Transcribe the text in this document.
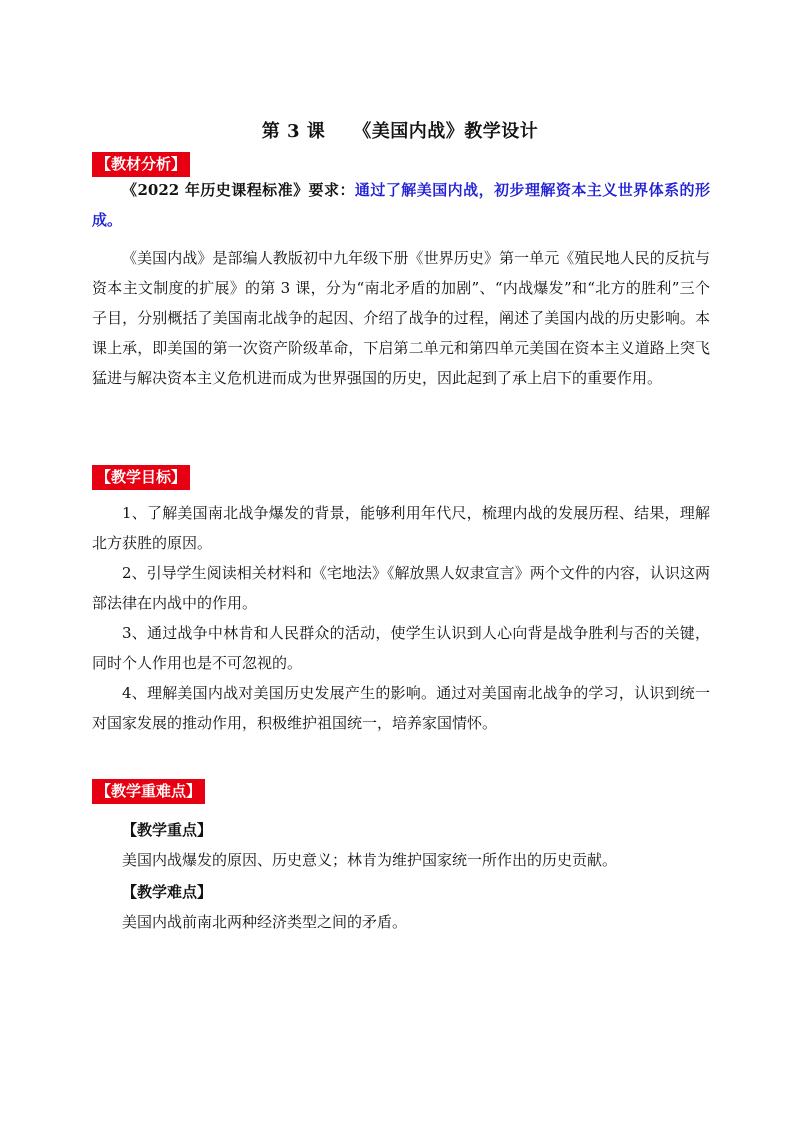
第 3 课 《美国内战》教学设计
【教材分析】

《2022 年历史课程标准》要求：通过了解美国内战，初步理解资本主义世界体系的形成。

《美国内战》是部编人教版初中九年级下册《世界历史》第一单元《殖民地人民的反抗与资本主文制度的扩展》的第 3 课，分为“南北矛盾的加剧”、“内战爆发”和“北方的胜利”三个子目，分别概括了美国南北战争的起因、介绍了战争的过程，阐述了美国内战的历史影响。本课上承，即美国的第一次资产阶级革命，下启第二单元和第四单元美国在资本主义道路上突飞猛进与解决资本主义危机进而成为世界强国的历史，因此起到了承上启下的重要作用。

【教学目标】

1、了解美国南北战争爆发的背景，能够利用年代尺，梳理内战的发展历程、结果，理解北方获胜的原因。

2、引导学生阅读相关材料和《宅地法》《解放黑人奴隶宣言》两个文件的内容，认识这两部法律在内战中的作用。

3、通过战争中林肯和人民群众的活动，使学生认识到人心向背是战争胜利与否的关键，同时个人作用也是不可忽视的。

4、理解美国内战对美国历史发展产生的影响。通过对美国南北战争的学习，认识到统一对国家发展的推动作用，积极维护祖国统一，培养家国情怀。

【教学重难点】
【教学重点】
美国内战爆发的原因、历史意义；林肯为维护国家统一所作出的历史贡献。
【教学难点】
美国内战前南北两种经济类型之间的矛盾。
